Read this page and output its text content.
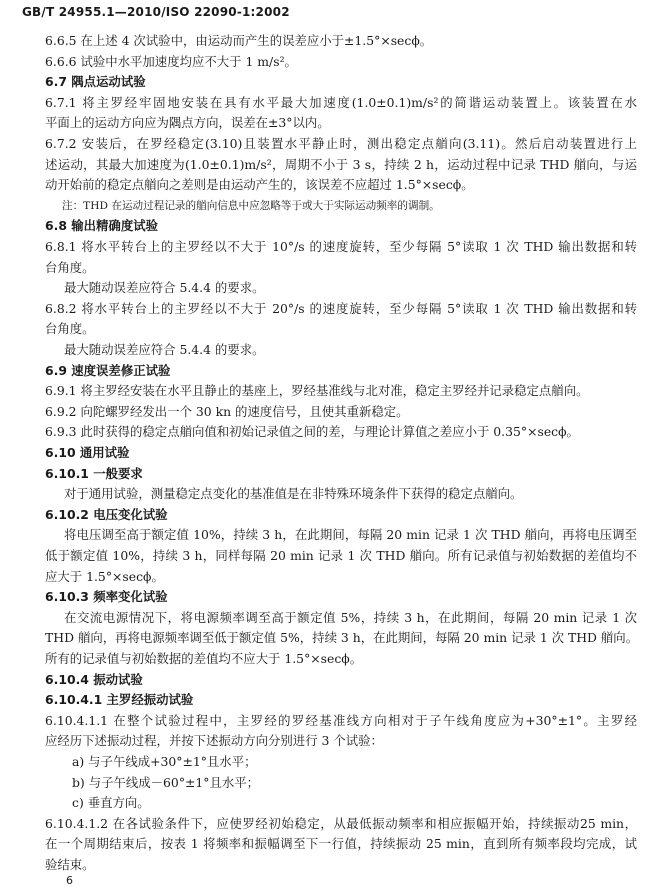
GB/T 24955.1—2010/ISO 22090-1:2002
6.6.5 在上述 4 次试验中，由运动而产生的误差应小于±1.5°×secϕ。
6.6.6 试验中水平加速度均应不大于 1 m/s²。
6.7 隅点运动试验
6.7.1 将主罗经牢固地安装在具有水平最大加速度(1.0±0.1)m/s²的简谐运动装置上。该装置在水
平面上的运动方向应为隅点方向，误差在±3°以内。
6.7.2 安装后，在罗经稳定(3.10)且装置水平静止时，测出稳定点艏向(3.11)。然后启动装置进行上
述运动，其最大加速度为(1.0±0.1)m/s²，周期不小于 3 s，持续 2 h，运动过程中记录 THD 艏向，与运
动开始前的稳定点艏向之差则是由运动产生的，该误差不应超过 1.5°×secϕ。
注：THD 在运动过程记录的艏向信息中应忽略等于或大于实际运动频率的调制。
6.8 输出精确度试验
6.8.1 将水平转台上的主罗经以不大于 10°/s 的速度旋转，至少每隔 5°读取 1 次 THD 输出数据和转
台角度。
最大随动误差应符合 5.4.4 的要求。
6.8.2 将水平转台上的主罗经以不大于 20°/s 的速度旋转，至少每隔 5°读取 1 次 THD 输出数据和转
台角度。
最大随动误差应符合 5.4.4 的要求。
6.9 速度误差修正试验
6.9.1 将主罗经安装在水平且静止的基座上，罗经基准线与北对准，稳定主罗经并记录稳定点艏向。
6.9.2 向陀螺罗经发出一个 30 kn 的速度信号，且使其重新稳定。
6.9.3 此时获得的稳定点艏向值和初始记录值之间的差，与理论计算值之差应小于 0.35°×secϕ。
6.10 通用试验
6.10.1 一般要求
对于通用试验，测量稳定点变化的基准值是在非特殊环境条件下获得的稳定点艏向。
6.10.2 电压变化试验
将电压调至高于额定值 10%，持续 3 h，在此期间，每隔 20 min 记录 1 次 THD 艏向，再将电压调至
低于额定值 10%，持续 3 h，同样每隔 20 min 记录 1 次 THD 艏向。所有记录值与初始数据的差值均不
应大于 1.5°×secϕ。
6.10.3 频率变化试验
在交流电源情况下，将电源频率调至高于额定值 5%，持续 3 h，在此期间，每隔 20 min 记录 1 次
THD 艏向，再将电源频率调至低于额定值 5%，持续 3 h，在此期间，每隔 20 min 记录 1 次 THD 艏向。
所有的记录值与初始数据的差值均不应大于 1.5°×secϕ。
6.10.4 振动试验
6.10.4.1 主罗经振动试验
6.10.4.1.1 在整个试验过程中，主罗经的罗经基准线方向相对于子午线角度应为+30°±1°。主罗经
应经历下述振动过程，并按下述振动方向分别进行 3 个试验：
a) 与子午线成+30°±1°且水平；
b) 与子午线成－60°±1°且水平；
c) 垂直方向。
6.10.4.1.2 在各试验条件下，应使罗经初始稳定，从最低振动频率和相应振幅开始，持续振动25 min，
在一个周期结束后，按表 1 将频率和振幅调至下一行值，持续振动 25 min，直到所有频率段均完成，试
验结束。
6
